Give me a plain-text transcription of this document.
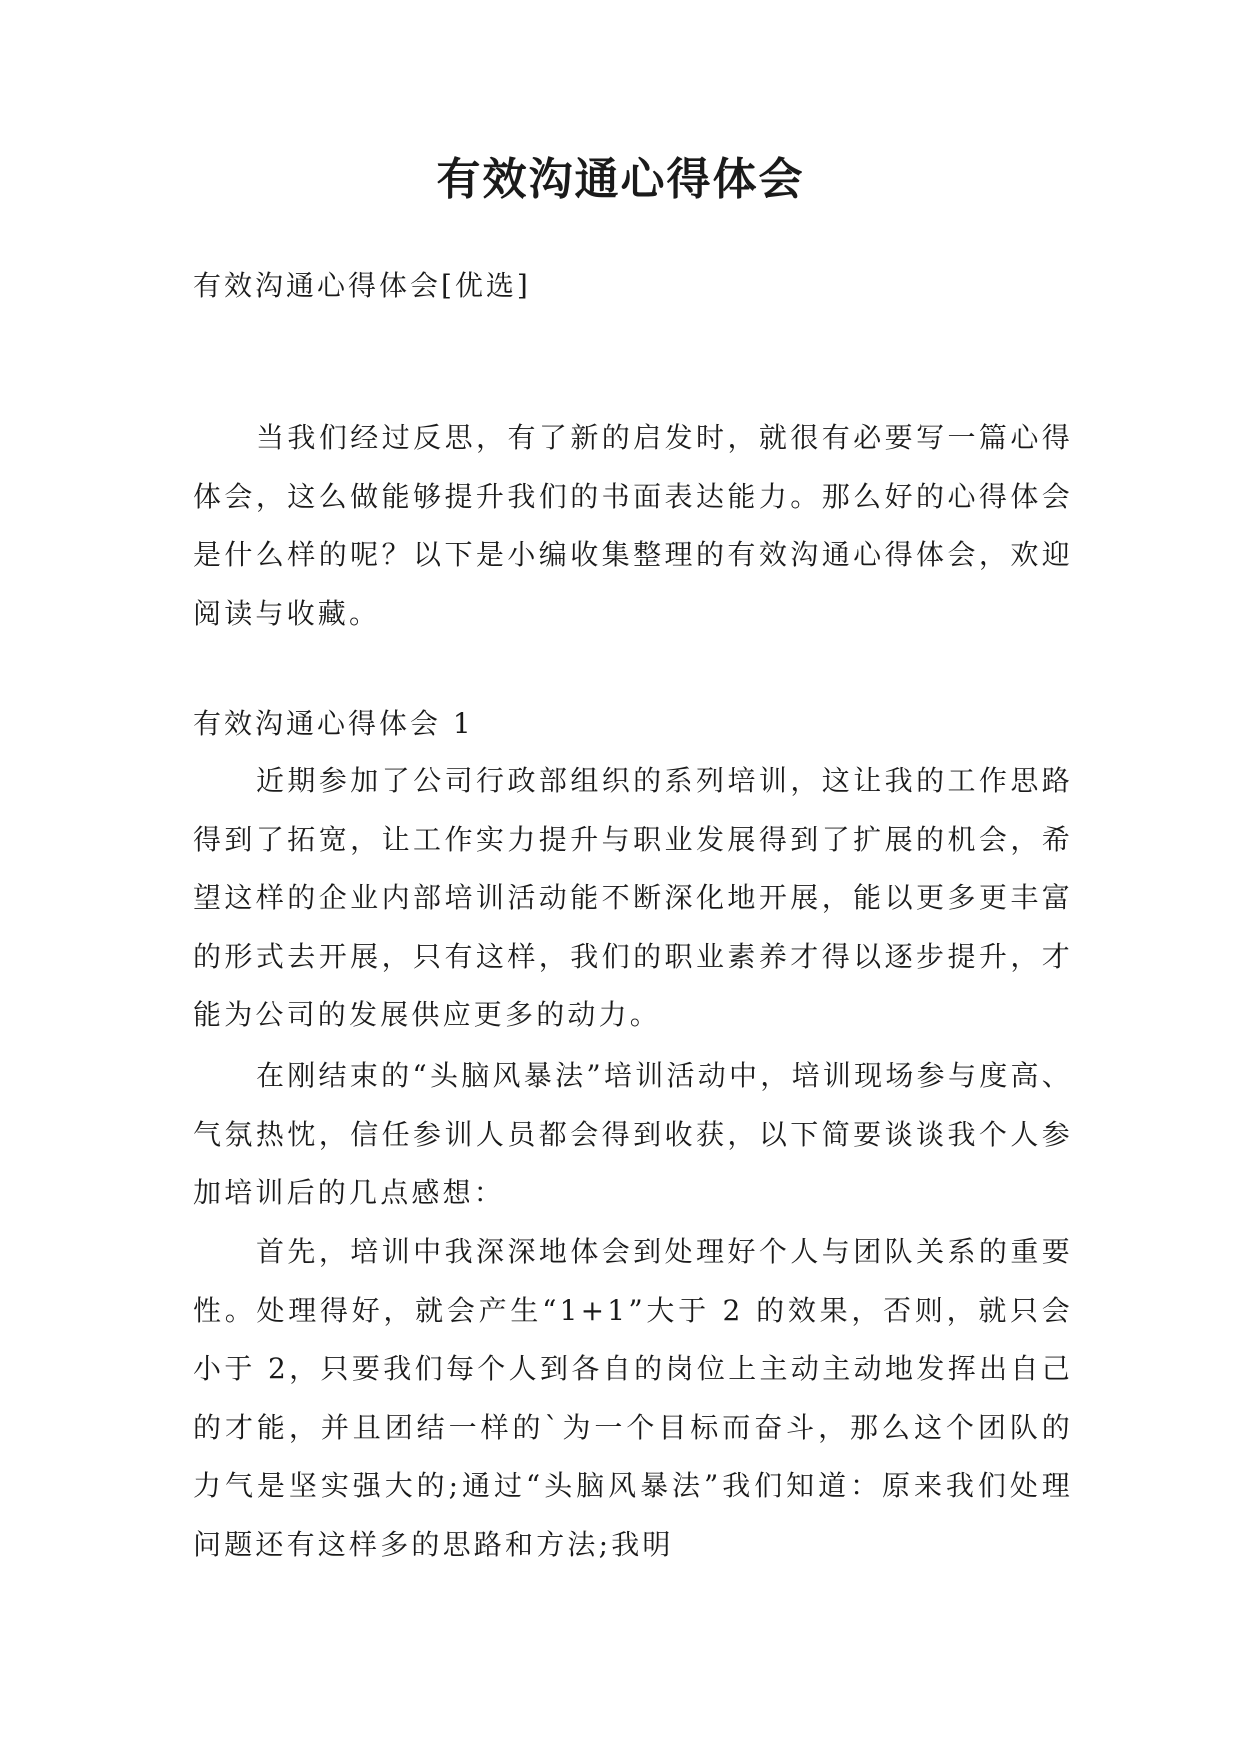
有效沟通心得体会

有效沟通心得体会[优选]

当我们经过反思，有了新的启发时，就很有必要写一篇心得体会，这么做能够提升我们的书面表达能力。那么好的心得体会是什么样的呢？以下是小编收集整理的有效沟通心得体会，欢迎阅读与收藏。

有效沟通心得体会 1

近期参加了公司行政部组织的系列培训，这让我的工作思路得到了拓宽，让工作实力提升与职业发展得到了扩展的机会，希望这样的企业内部培训活动能不断深化地开展，能以更多更丰富的形式去开展，只有这样，我们的职业素养才得以逐步提升，才能为公司的发展供应更多的动力。

在刚结束的“头脑风暴法”培训活动中，培训现场参与度高、气氛热忱，信任参训人员都会得到收获，以下简要谈谈我个人参加培训后的几点感想：

首先，培训中我深深地体会到处理好个人与团队关系的重要性。处理得好，就会产生“1+1”大于 2 的效果，否则，就只会小于 2，只要我们每个人到各自的岗位上主动主动地发挥出自己的才能，并且团结一样的`为一个目标而奋斗，那么这个团队的力气是坚实强大的;通过“头脑风暴法”我们知道：原来我们处理问题还有这样多的思路和方法;我明
